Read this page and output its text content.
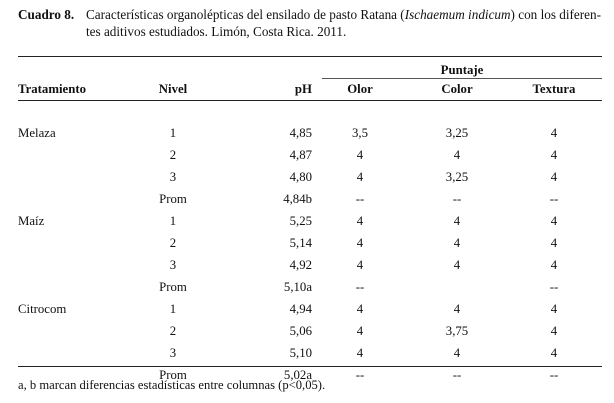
Cuadro 8. Características organolépticas del ensilado de pasto Ratana (Ischaemum indicum) con los diferen-
tes aditivos estudiados. Limón, Costa Rica. 2011.
			Puntaje		
Tratamiento	Nivel	pH	Olor	Color	Textura

Melaza	1	4,85	3,5	3,25	4
	2	4,87	4	4	4
	3	4,80	4	3,25	4
	Prom	4,84b	--	--	--
Maíz	1	5,25	4	4	4
	2	5,14	4	4	4
	3	4,92	4	4	4
	Prom	5,10a	--		--
Citrocom	1	4,94	4	4	4
	2	5,06	4	3,75	4
	3	5,10	4	4	4
	Prom	5,02a	--	--	--
a, b marcan diferencias estadísticas entre columnas (p<0,05).
